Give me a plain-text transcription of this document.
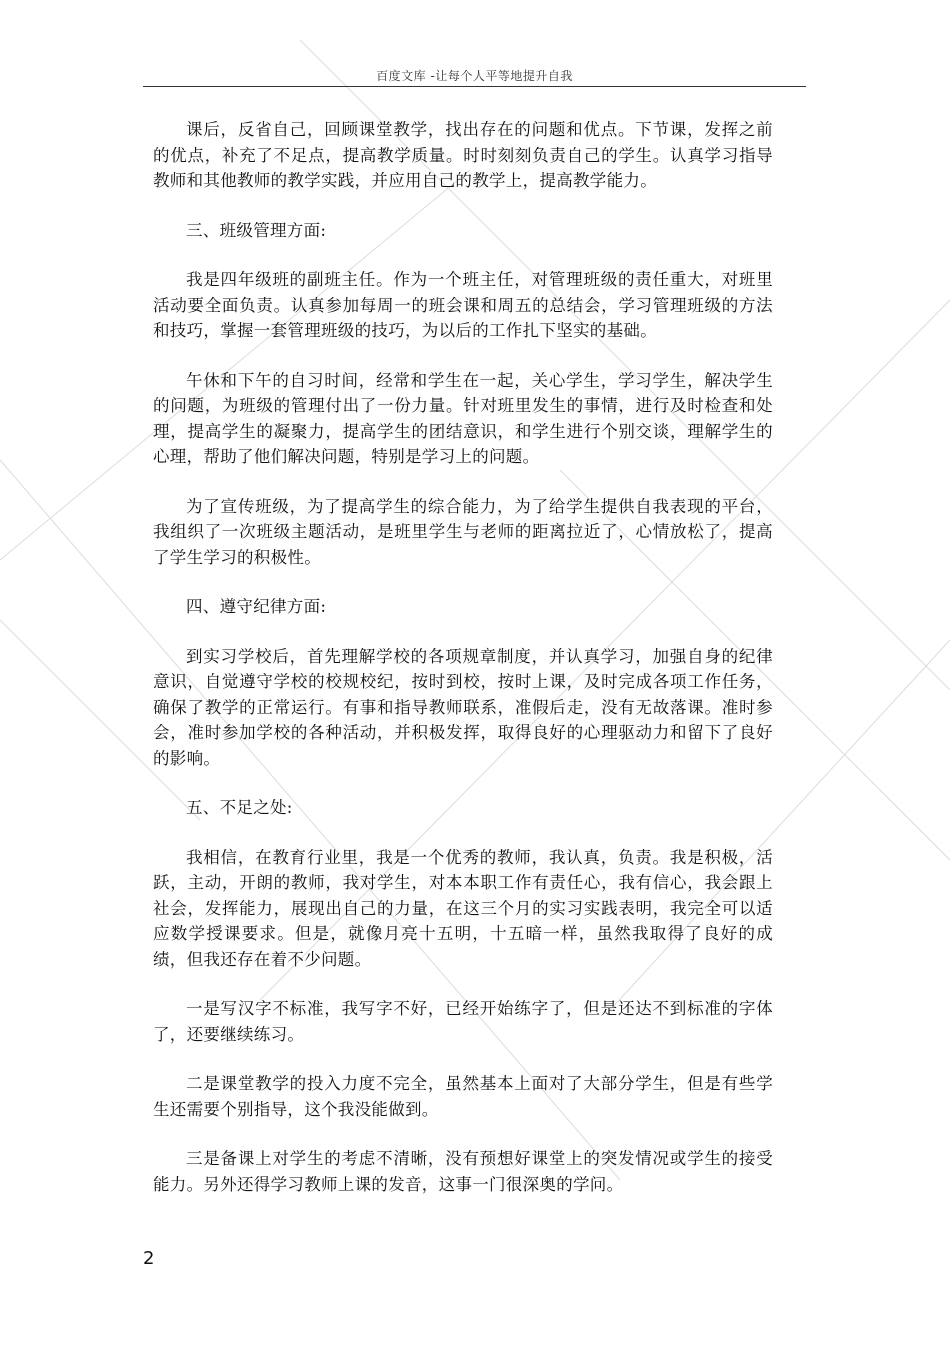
百度文库 -让每个人平等地提升自我

课后，反省自己，回顾课堂教学，找出存在的问题和优点。下节课，发挥之前的优点，补充了不足点，提高教学质量。时时刻刻负责自己的学生。认真学习指导教师和其他教师的教学实践，并应用自己的教学上，提高教学能力。

三、班级管理方面:

我是四年级班的副班主任。作为一个班主任，对管理班级的责任重大，对班里活动要全面负责。认真参加每周一的班会课和周五的总结会，学习管理班级的方法和技巧，掌握一套管理班级的技巧，为以后的工作扎下坚实的基础。

午休和下午的自习时间，经常和学生在一起，关心学生，学习学生，解决学生的问题，为班级的管理付出了一份力量。针对班里发生的事情，进行及时检查和处理，提高学生的凝聚力，提高学生的团结意识，和学生进行个别交谈，理解学生的心理，帮助了他们解决问题，特别是学习上的问题。

为了宣传班级，为了提高学生的综合能力，为了给学生提供自我表现的平台，我组织了一次班级主题活动，是班里学生与老师的距离拉近了，心情放松了，提高了学生学习的积极性。

四、遵守纪律方面:

到实习学校后，首先理解学校的各项规章制度，并认真学习，加强自身的纪律意识，自觉遵守学校的校规校纪，按时到校，按时上课，及时完成各项工作任务，确保了教学的正常运行。有事和指导教师联系，准假后走，没有无故落课。准时参会，准时参加学校的各种活动，并积极发挥，取得良好的心理驱动力和留下了良好的影响。

五、不足之处:

我相信，在教育行业里，我是一个优秀的教师，我认真，负责。我是积极，活跃，主动，开朗的教师，我对学生，对本本职工作有责任心，我有信心，我会跟上社会，发挥能力，展现出自己的力量，在这三个月的实习实践表明，我完全可以适应数学授课要求。但是，就像月亮十五明，十五暗一样，虽然我取得了良好的成绩，但我还存在着不少问题。

一是写汉字不标准，我写字不好，已经开始练字了，但是还达不到标准的字体了，还要继续练习。

二是课堂教学的投入力度不完全，虽然基本上面对了大部分学生，但是有些学生还需要个别指导，这个我没能做到。

三是备课上对学生的考虑不清晰，没有预想好课堂上的突发情况或学生的接受能力。另外还得学习教师上课的发音，这事一门很深奥的学问。

2
